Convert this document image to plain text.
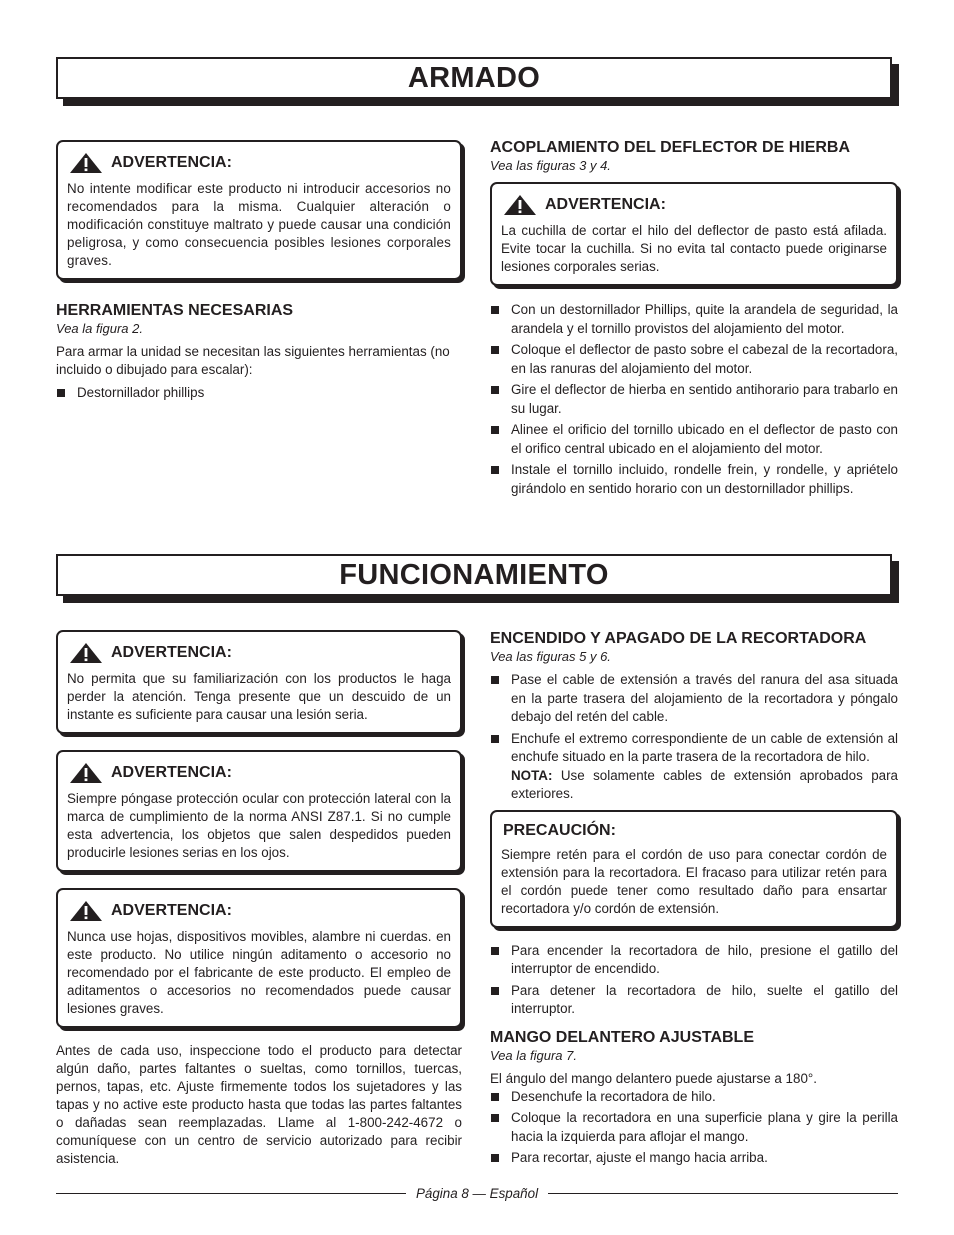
ARMADO
ADVERTENCIA:

No intente modificar este producto ni introducir accesorios no recomendados para la misma. Cualquier alteración o modificación constituye maltrato y puede causar una condición peligrosa, y como consecuencia posibles lesiones corporales graves.

HERRAMIENTAS NECESARIAS
Vea la figura 2.

Para armar la unidad se necesitan las siguientes herramientas (no incluido o dibujado para escalar):

Destornillador phillips
ACOPLAMIENTO DEL DEFLECTOR DE HIERBA
Vea las figuras 3 y 4.
ADVERTENCIA:

La cuchilla de cortar el hilo del deflector de pasto está afilada. Evite tocar la cuchilla. Si no evita tal contacto puede originarse lesiones corporales serias.

Con un destornillador Phillips, quite la arandela de seguridad, la arandela y el tornillo provistos del alojamiento del motor.
Coloque el deflector de pasto sobre el cabezal de la recortadora, en las ranuras del alojamiento del motor.
Gire el deflector de hierba en sentido antihorario para trabarlo en su lugar.
Alinee el orificio del tornillo ubicado en el deflector de pasto con el orifico central ubicado en el alojamiento del motor.
Instale el tornillo incluido, rondelle frein, y rondelle, y apriételo girándolo en sentido horario con un destornillador phillips.
FUNCIONAMIENTO
ADVERTENCIA:

No permita que su familiarización con los productos le haga perder la atención. Tenga presente que un descuido de un instante es suficiente para causar una lesión seria.

ADVERTENCIA:

Siempre póngase protección ocular con protección lateral con la marca de cumplimiento de la norma ANSI Z87.1. Si no cumple esta advertencia, los objetos que salen despedidos pueden producirle lesiones serias en los ojos.

ADVERTENCIA:

Nunca use hojas, dispositivos movibles, alambre ni cuerdas. en este producto. No utilice ningún aditamento o accesorio no recomendado por el fabricante de este producto. El empleo de aditamentos o accesorios no recomendados puede causar lesiones graves.

Antes de cada uso, inspeccione todo el producto para detectar algún daño, partes faltantes o sueltas, como tornillos, tuercas, pernos, tapas, etc. Ajuste firmemente todos los sujetadores y las tapas y no active este producto hasta que todas las partes faltantes o dañadas sean reemplazadas. Llame al 1-800-242-4672 o comuníquese con un centro de servicio autorizado para recibir asistencia.

ENCENDIDO Y APAGADO DE LA RECORTADORA
Vea las figuras 5 y 6.
Pase el cable de extensión a través del ranura del asa situada en la parte trasera del alojamiento de la recortadora y póngalo debajo del retén del cable.
Enchufe el extremo correspondiente de un cable de extensión al enchufe situado en la parte trasera de la recortadora de hilo.
NOTA: Use solamente cables de extensión aprobados para exteriores.
PRECAUCIÓN:

Siempre retén para el cordón de uso para conectar cordón de extensión para la recortadora. El fracaso para utilizar retén para el cordón puede tener como resultado daño para ensartar recortadora y/o cordón de extensión.

Para encender la recortadora de hilo, presione el gatillo del interruptor de encendido.
Para detener la recortadora de hilo, suelte el gatillo del interruptor.
MANGO DELANTERO AJUSTABLE
Vea la figura 7.

El ángulo del mango delantero puede ajustarse a 180°.

Desenchufe la recortadora de hilo.
Coloque la recortadora en una superficie plana y gire la perilla hacia la izquierda para aflojar el mango.
Para recortar, ajuste el mango hacia arriba.
Página 8 — Español
